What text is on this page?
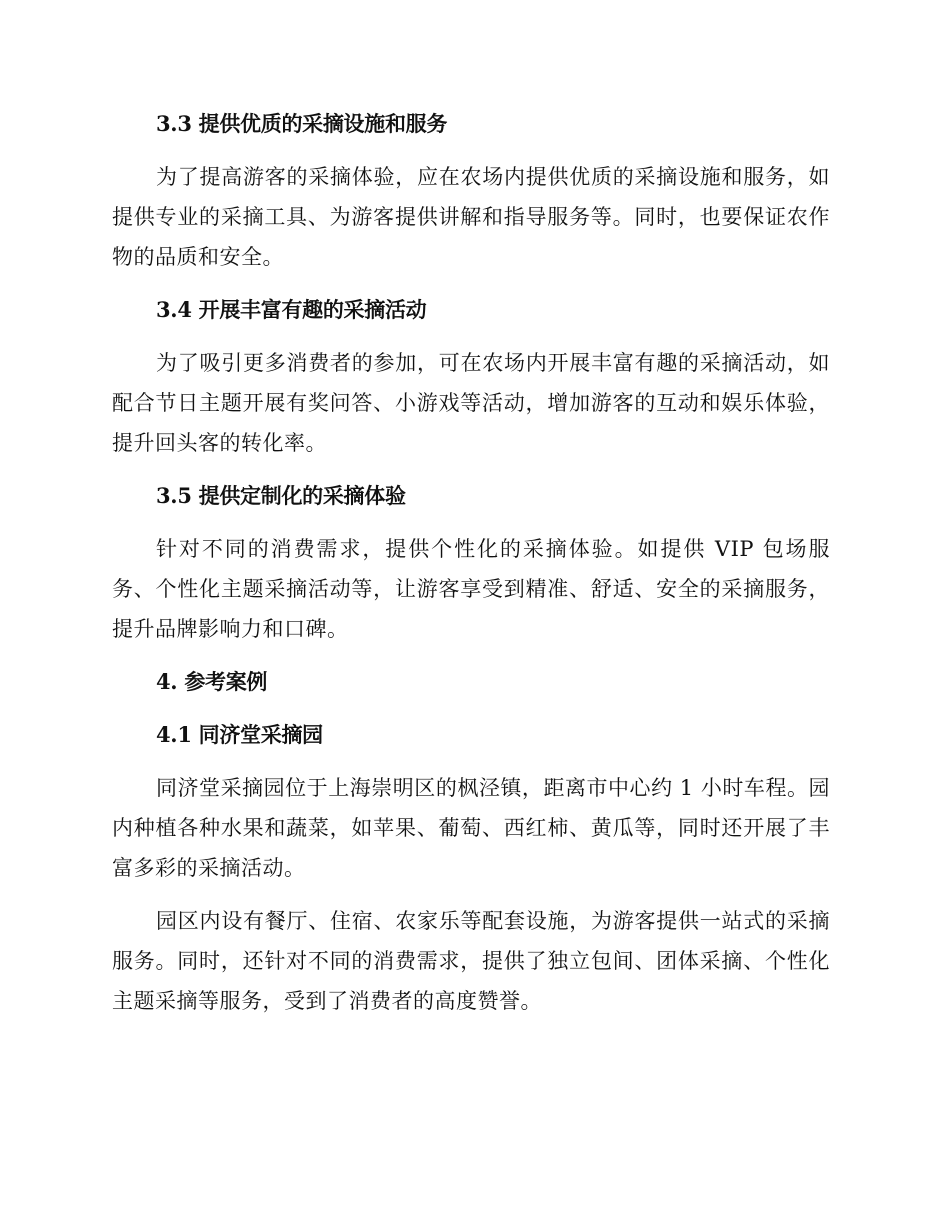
3.3 提供优质的采摘设施和服务

为了提高游客的采摘体验，应在农场内提供优质的采摘设施和服务，如提供专业的采摘工具、为游客提供讲解和指导服务等。同时，也要保证农作物的品质和安全。

3.4 开展丰富有趣的采摘活动

为了吸引更多消费者的参加，可在农场内开展丰富有趣的采摘活动，如配合节日主题开展有奖问答、小游戏等活动，增加游客的互动和娱乐体验，提升回头客的转化率。

3.5 提供定制化的采摘体验

针对不同的消费需求，提供个性化的采摘体验。如提供 VIP 包场服务、个性化主题采摘活动等，让游客享受到精准、舒适、安全的采摘服务，提升品牌影响力和口碑。

4. 参考案例
4.1 同济堂采摘园

同济堂采摘园位于上海崇明区的枫泾镇，距离市中心约 1 小时车程。园内种植各种水果和蔬菜，如苹果、葡萄、西红柿、黄瓜等，同时还开展了丰富多彩的采摘活动。

园区内设有餐厅、住宿、农家乐等配套设施，为游客提供一站式的采摘服务。同时，还针对不同的消费需求，提供了独立包间、团体采摘、个性化主题采摘等服务，受到了消费者的高度赞誉。
